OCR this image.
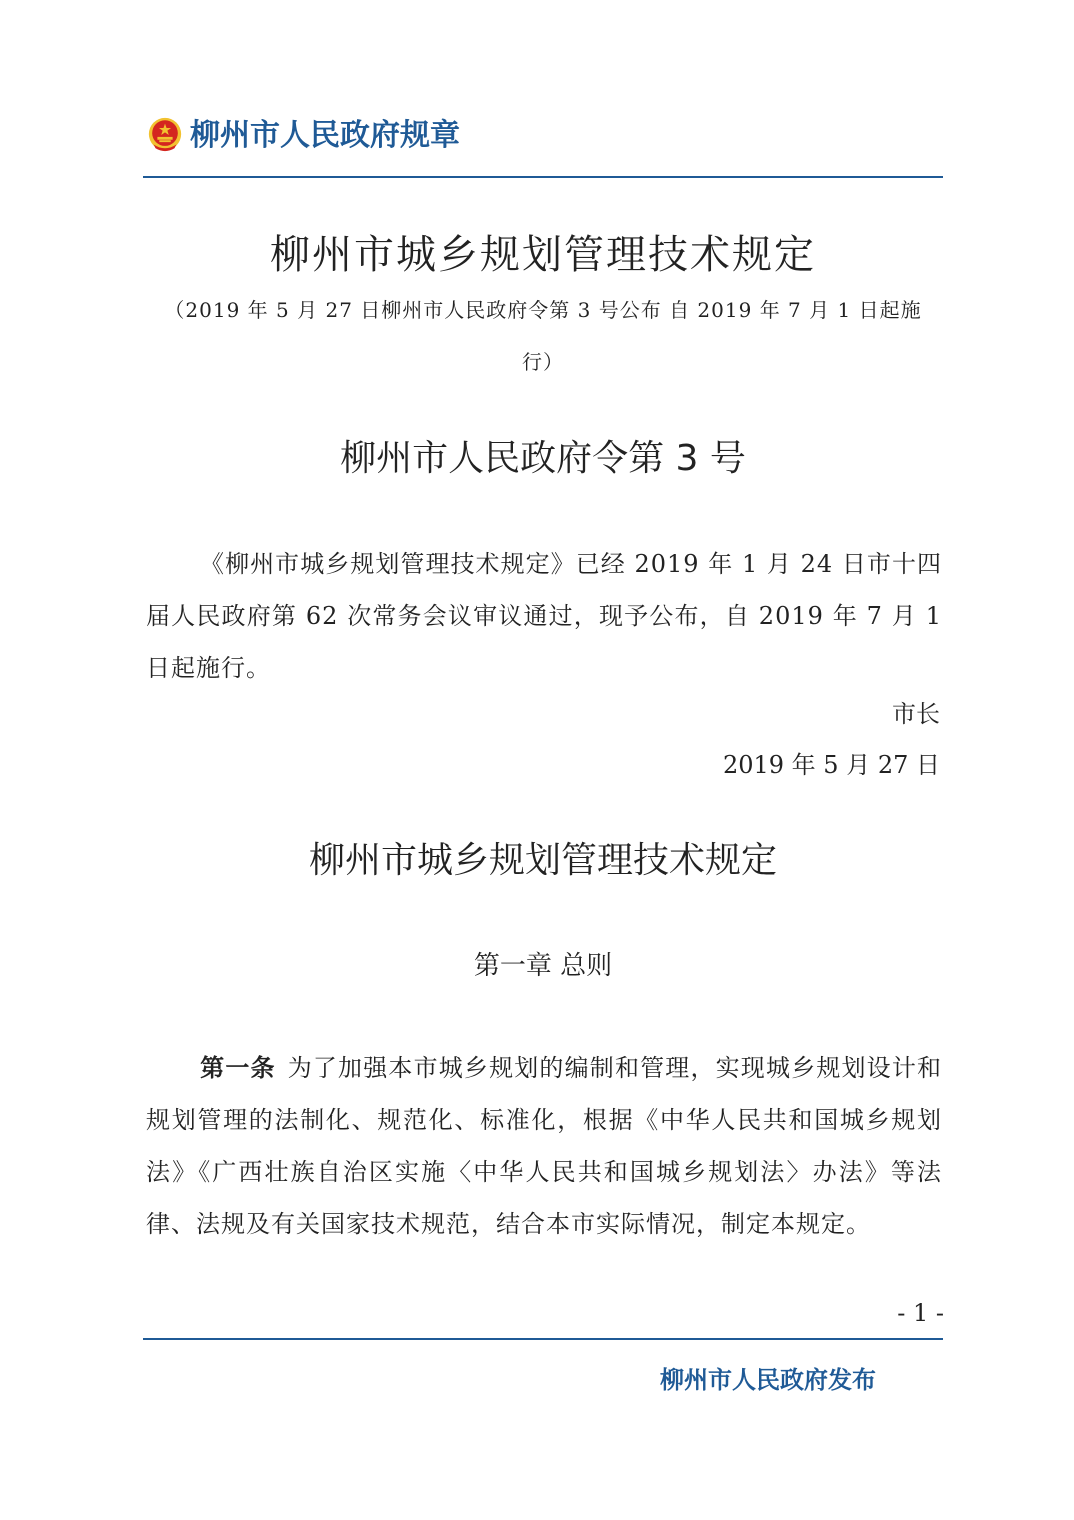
柳州市人民政府规章
柳州市城乡规划管理技术规定
（2019 年 5 月 27 日柳州市人民政府令第 3 号公布 自 2019 年 7 月 1 日起施
行）
柳州市人民政府令第 3 号
《柳州市城乡规划管理技术规定》已经 2019 年 1 月 24 日市十四届人民政府第 62 次常务会议审议通过，现予公布，自 2019 年 7 月 1 日起施行。
市长
2019 年 5 月 27 日
柳州市城乡规划管理技术规定
第一章 总则
第一条 为了加强本市城乡规划的编制和管理，实现城乡规划设计和规划管理的法制化、规范化、标准化，根据《中华人民共和国城乡规划法》《广西壮族自治区实施〈中华人民共和国城乡规划法〉办法》等法律、法规及有关国家技术规范，结合本市实际情况，制定本规定。
- 1 -
柳州市人民政府发布
